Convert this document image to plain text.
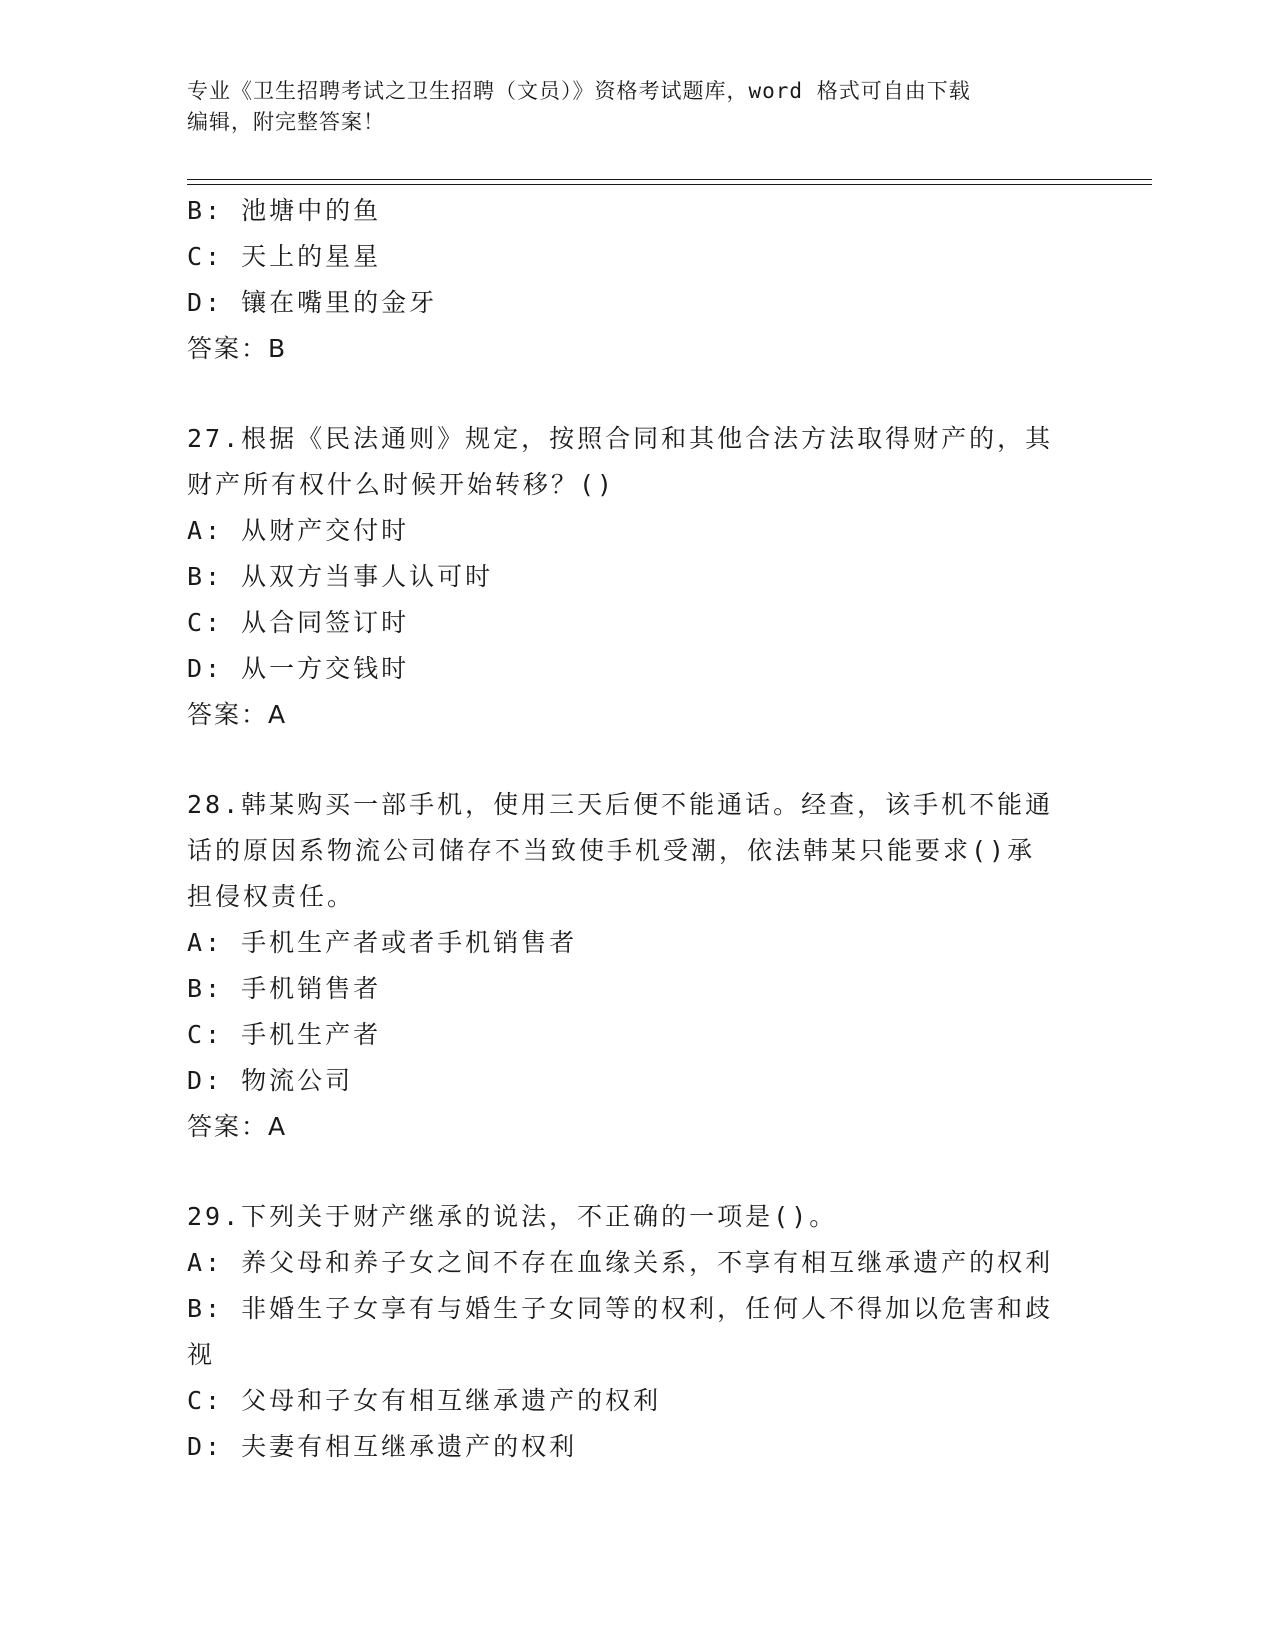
专业《卫生招聘考试之卫生招聘（文员）》资格考试题库，word 格式可自由下载
编辑，附完整答案！
B: 池塘中的鱼
C: 天上的星星
D: 镶在嘴里的金牙
答案：B
27.根据《民法通则》规定，按照合同和其他合法方法取得财产的，其
财产所有权什么时候开始转移？()
A: 从财产交付时
B: 从双方当事人认可时
C: 从合同签订时
D: 从一方交钱时
答案：A
28.韩某购买一部手机，使用三天后便不能通话。经查，该手机不能通
话的原因系物流公司储存不当致使手机受潮，依法韩某只能要求()承
担侵权责任。
A: 手机生产者或者手机销售者
B: 手机销售者
C: 手机生产者
D: 物流公司
答案：A
29.下列关于财产继承的说法，不正确的一项是()。
A: 养父母和养子女之间不存在血缘关系，不享有相互继承遗产的权利
B: 非婚生子女享有与婚生子女同等的权利，任何人不得加以危害和歧
视
C: 父母和子女有相互继承遗产的权利
D: 夫妻有相互继承遗产的权利
